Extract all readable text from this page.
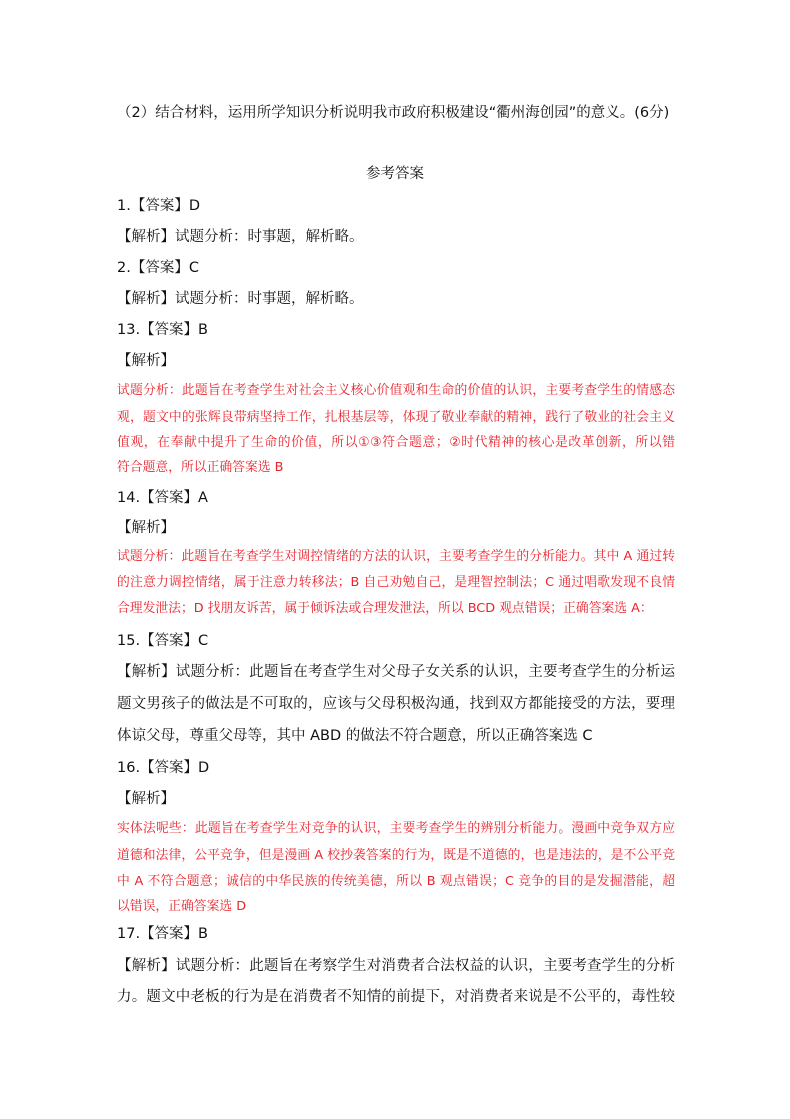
（2）结合材料，运用所学知识分析说明我市政府积极建设“衢州海创园”的意义。(6分)
参考答案
1.【答案】D
【解析】试题分析：时事题，解析略。
2.【答案】C
【解析】试题分析：时事题，解析略。
13.【答案】B
【解析】
试题分析：此题旨在考查学生对社会主义核心价值观和生命的价值的认识，主要考查学生的情感态
观，题文中的张辉良带病坚持工作，扎根基层等，体现了敬业奉献的精神，践行了敬业的社会主义
值观，在奉献中提升了生命的价值，所以①③符合题意；②时代精神的核心是改革创新，所以错
符合题意，所以正确答案选 B
14.【答案】A
【解析】
试题分析：此题旨在考查学生对调控情绪的方法的认识，主要考查学生的分析能力。其中 A 通过转
的注意力调控情绪，属于注意力转移法；B 自己劝勉自己，是理智控制法；C 通过唱歌发现不良情
合理发泄法；D 找朋友诉苦，属于倾诉法或合理发泄法，所以 BCD 观点错误；正确答案选 A：
15.【答案】C
【解析】试题分析：此题旨在考查学生对父母子女关系的认识，主要考查学生的分析运
题文男孩子的做法是不可取的，应该与父母积极沟通，找到双方都能接受的方法，要理
体谅父母，尊重父母等，其中 ABD 的做法不符合题意，所以正确答案选 C
16.【答案】D
【解析】
实体法呢些：此题旨在考查学生对竞争的认识，主要考查学生的辨别分析能力。漫画中竞争双方应
道德和法律，公平竞争，但是漫画 A 校抄袭答案的行为，既是不道德的，也是违法的，是不公平竞
中 A 不符合题意；诚信的中华民族的传统美德，所以 B 观点错误；C 竞争的目的是发掘潜能，超
以错误，正确答案选 D
17.【答案】B
【解析】试题分析：此题旨在考察学生对消费者合法权益的认识，主要考查学生的分析
力。题文中老板的行为是在消费者不知情的前提下，对消费者来说是不公平的，毒性较
